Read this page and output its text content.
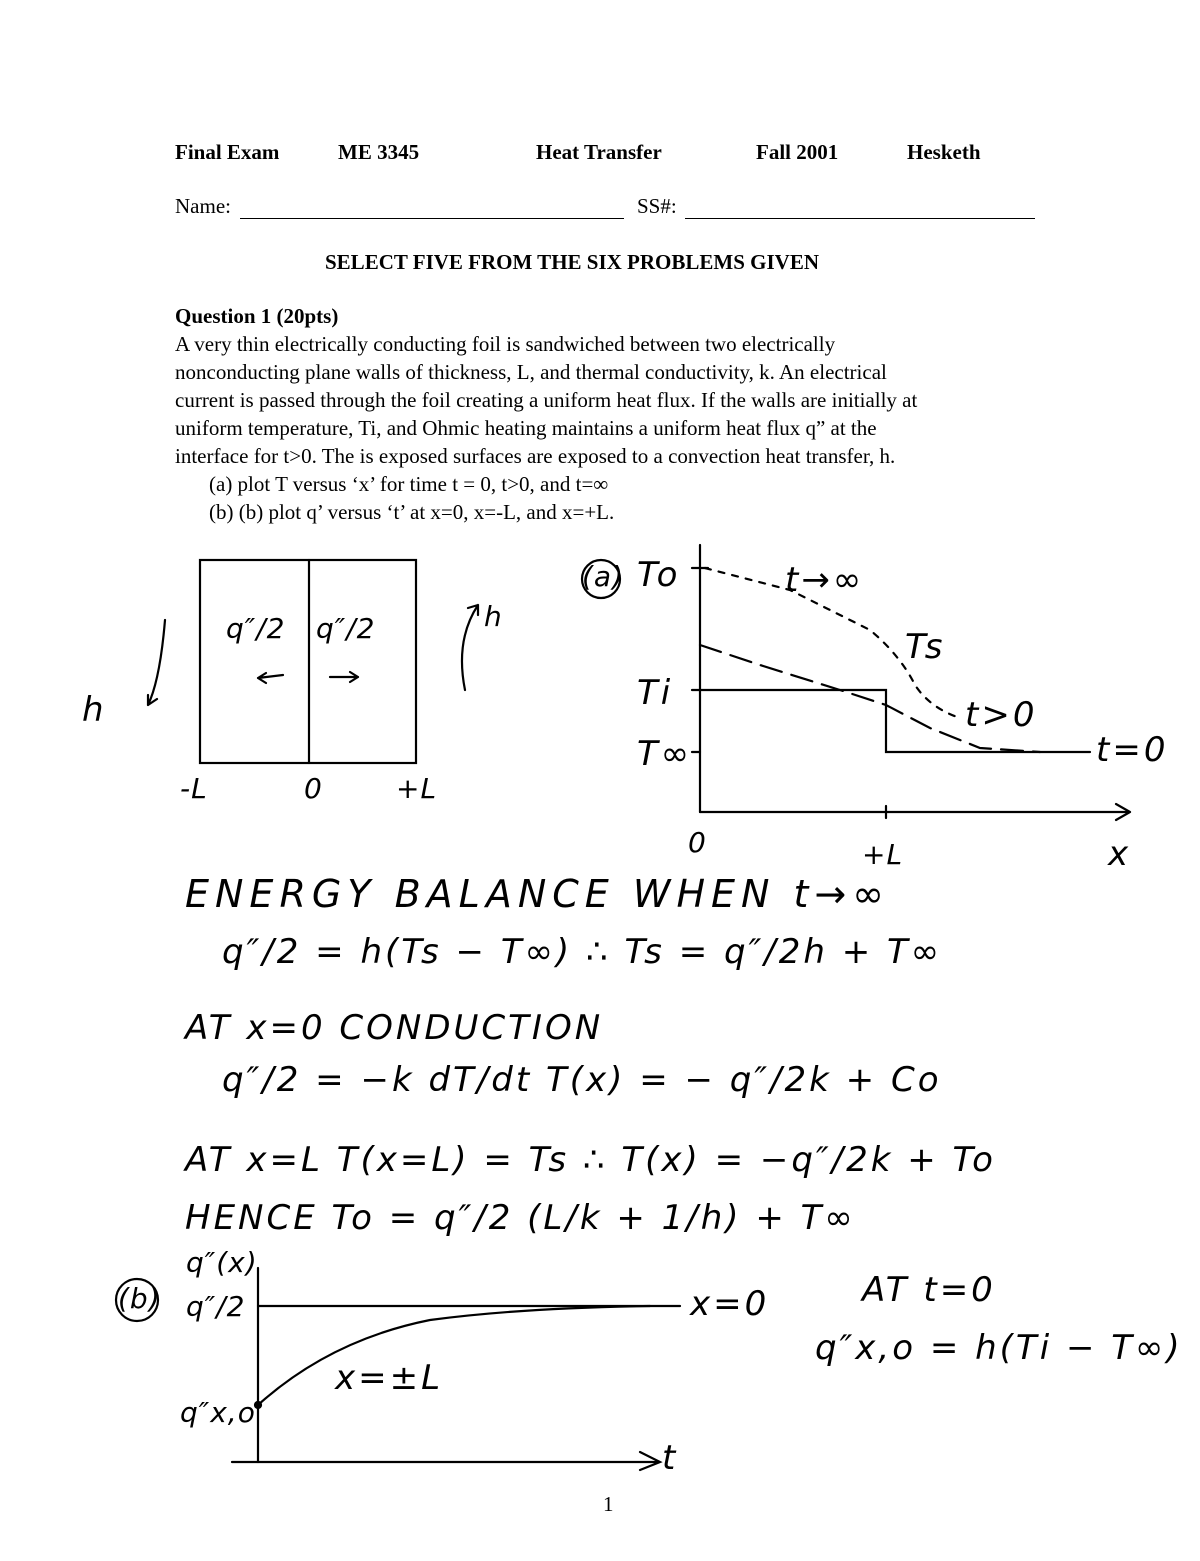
Final Exam	ME 3345	Heat Transfer	Fall 2001	Hesketh
Name:	SS#:
SELECT FIVE FROM THE SIX PROBLEMS GIVEN
Question 1 (20pts)
A very thin electrically conducting foil is sandwiched between two electrically
nonconducting plane walls of thickness, L, and thermal conductivity, k. An electrical
current is passed through the foil creating a uniform heat flux. If the walls are initially at
uniform temperature, Ti, and Ohmic heating maintains a uniform heat flux q” at the
interface for t>0. The is exposed surfaces are exposed to a convection heat transfer, h.
(a) plot T versus ‘x’ for time t = 0, t>0, and t=∞
(b) (b) plot q’ versus ‘t’ at x=0, x=-L, and x=+L.
q″/2 q″/2
h
h
-L	0	+L
(a) To
Ti
T∞
0	+L	x
t→∞
Ts
t>0
t=0
ENERGY BALANCE WHEN t→∞
q″/2 = h(Ts − T∞) ∴ Ts = q″/2h + T∞
AT x=0 CONDUCTION
q″/2 = −k dT/dt T(x) = − q″/2k + Co
AT x=L T(x=L) = Ts ∴ T(x) = −q″/2k + To
HENCE To = q″/2 (L/k + 1/h) + T∞
(b)
q″(x)
q″/2
q″x,o
t
x=0
x=±L
AT t=0
q″x,o = h(Ti − T∞)
1
